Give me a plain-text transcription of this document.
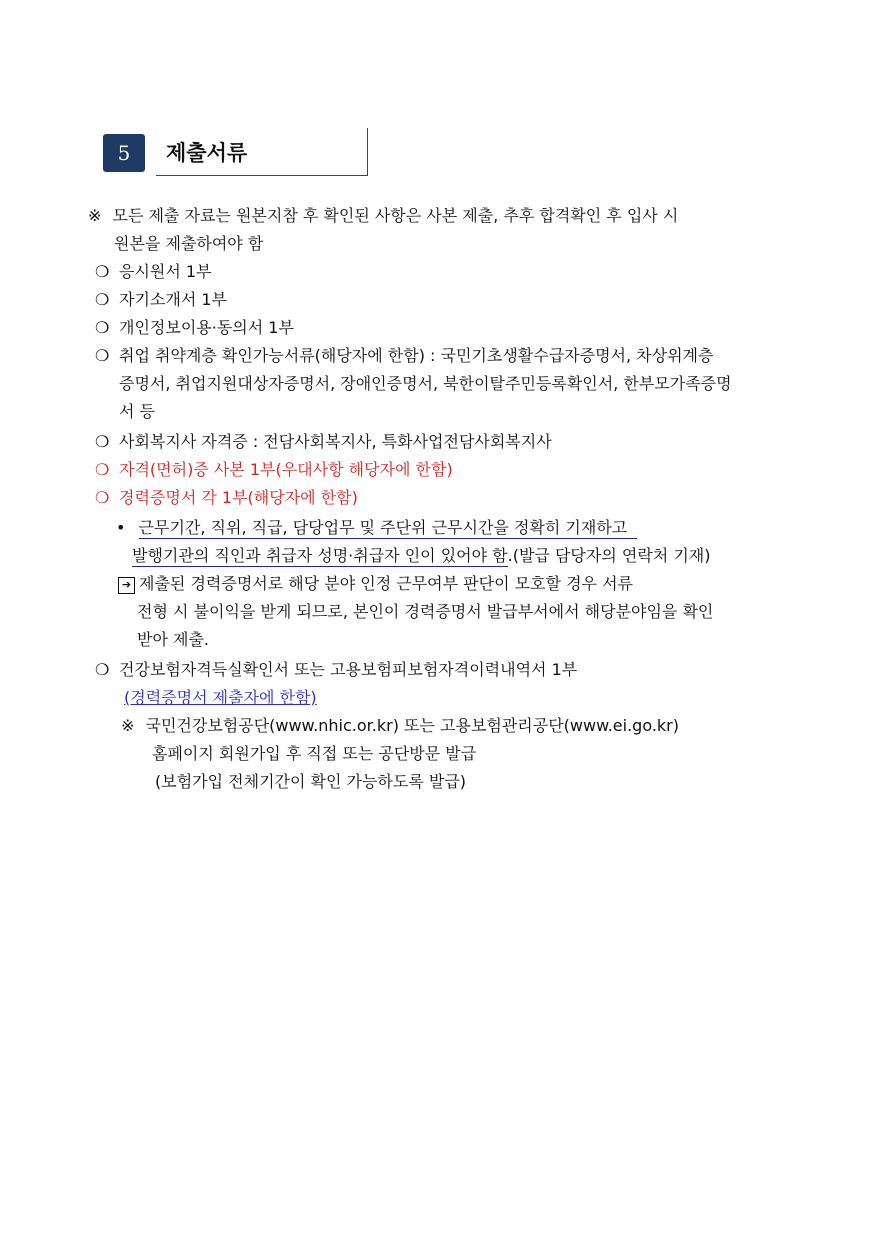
5	제출서류
※ 모든 제출 자료는 원본지참 후 확인된 사항은 사본 제출, 추후 합격확인 후 입사 시
원본을 제출하여야 함
❍ 응시원서 1부
❍ 자기소개서 1부
❍ 개인정보이용·동의서 1부
❍ 취업 취약계층 확인가능서류(해당자에 한함) : 국민기초생활수급자증명서, 차상위계층
증명서, 취업지원대상자증명서, 장애인증명서, 북한이탈주민등록확인서, 한부모가족증명
서 등
❍ 사회복지사 자격증 : 전담사회복지사, 특화사업전담사회복지사
❍ 자격(면허)증 사본 1부(우대사항 해당자에 한함)
❍ 경력증명서 각 1부(해당자에 한함)
• 근무기간, 직위, 직급, 담당업무 및 주단위 근무시간을 정확히 기재하고
발행기관의 직인과 취급자 성명·취급자 인이 있어야 함.(발급 담당자의 연락처 기재)
➔ 제출된 경력증명서로 해당 분야 인정 근무여부 판단이 모호할 경우 서류
전형 시 불이익을 받게 되므로, 본인이 경력증명서 발급부서에서 해당분야임을 확인
받아 제출.
❍ 건강보험자격득실확인서 또는 고용보험피보험자격이력내역서 1부
(경력증명서 제출자에 한함)
※ 국민건강보험공단(www.nhic.or.kr) 또는 고용보험관리공단(www.ei.go.kr)
홈페이지 회원가입 후 직접 또는 공단방문 발급
(보험가입 전체기간이 확인 가능하도록 발급)
